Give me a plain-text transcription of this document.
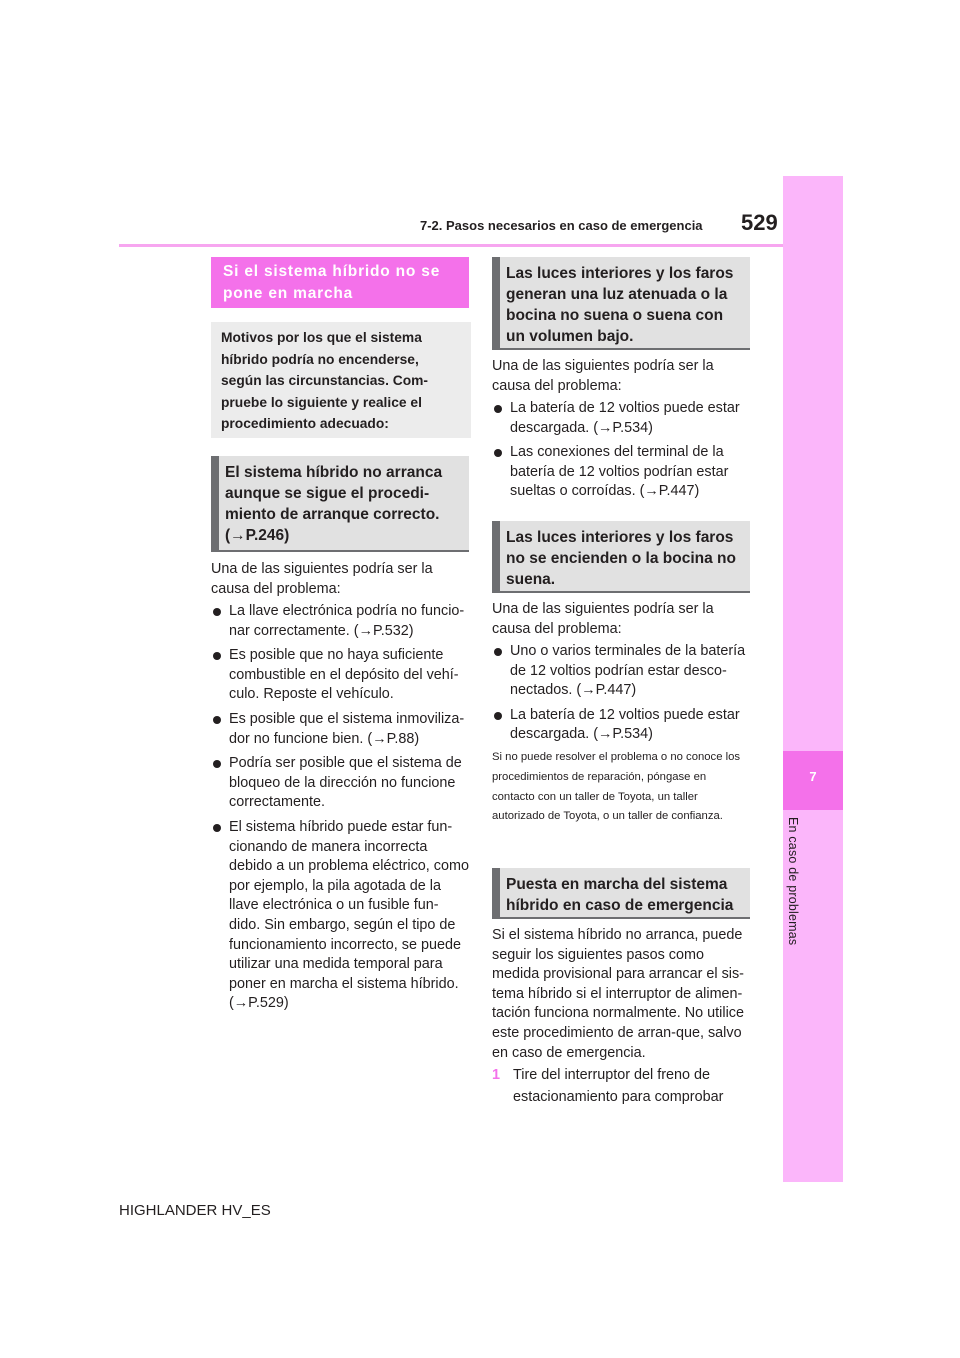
7-2. Pasos necesarios en caso de emergencia 529
7
En caso de problemas
Si el sistema híbrido no se
pone en marcha
Motivos por los que el sistema
híbrido podría no encenderse,
según las circunstancias. Com-
pruebe lo siguiente y realice el
procedimiento adecuado:
El sistema híbrido no arranca
aunque se sigue el procedi-
miento de arranque correcto.
(→P.246)
Una de las siguientes podría ser la causa del problema:
La llave electrónica podría no funcio-nar correctamente. (→P.532)
Es posible que no haya suficiente combustible en el depósito del vehí-culo. Reposte el vehículo.
Es posible que el sistema inmoviliza-dor no funcione bien. (→P.88)
Podría ser posible que el sistema de bloqueo de la dirección no funcione correctamente.
El sistema híbrido puede estar fun-cionando de manera incorrecta debido a un problema eléctrico, como por ejemplo, la pila agotada de la llave electrónica o un fusible fun-dido. Sin embargo, según el tipo de funcionamiento incorrecto, se puede utilizar una medida temporal para poner en marcha el sistema híbrido. (→P.529)
Las luces interiores y los faros
generan una luz atenuada o la
bocina no suena o suena con
un volumen bajo.
Una de las siguientes podría ser la causa del problema:
La batería de 12 voltios puede estar descargada. (→P.534)
Las conexiones del terminal de la batería de 12 voltios podrían estar sueltas o corroídas. (→P.447)
Las luces interiores y los faros
no se encienden o la bocina no
suena.
Una de las siguientes podría ser la causa del problema:
Uno o varios terminales de la batería de 12 voltios podrían estar desco-nectados. (→P.447)
La batería de 12 voltios puede estar descargada. (→P.534)
Si no puede resolver el problema o no conoce los procedimientos de reparación, póngase en contacto con un taller de Toyota, un taller autorizado de Toyota, o un taller de confianza.
Puesta en marcha del sistema
híbrido en caso de emergencia
Si el sistema híbrido no arranca, puede seguir los siguientes pasos como medida provisional para arrancar el sis-tema híbrido si el interruptor de alimen-tación funciona normalmente. No utilice este procedimiento de arran-que, salvo en caso de emergencia.
1 Tire del interruptor del freno de estacionamiento para comprobar
HIGHLANDER HV_ES
